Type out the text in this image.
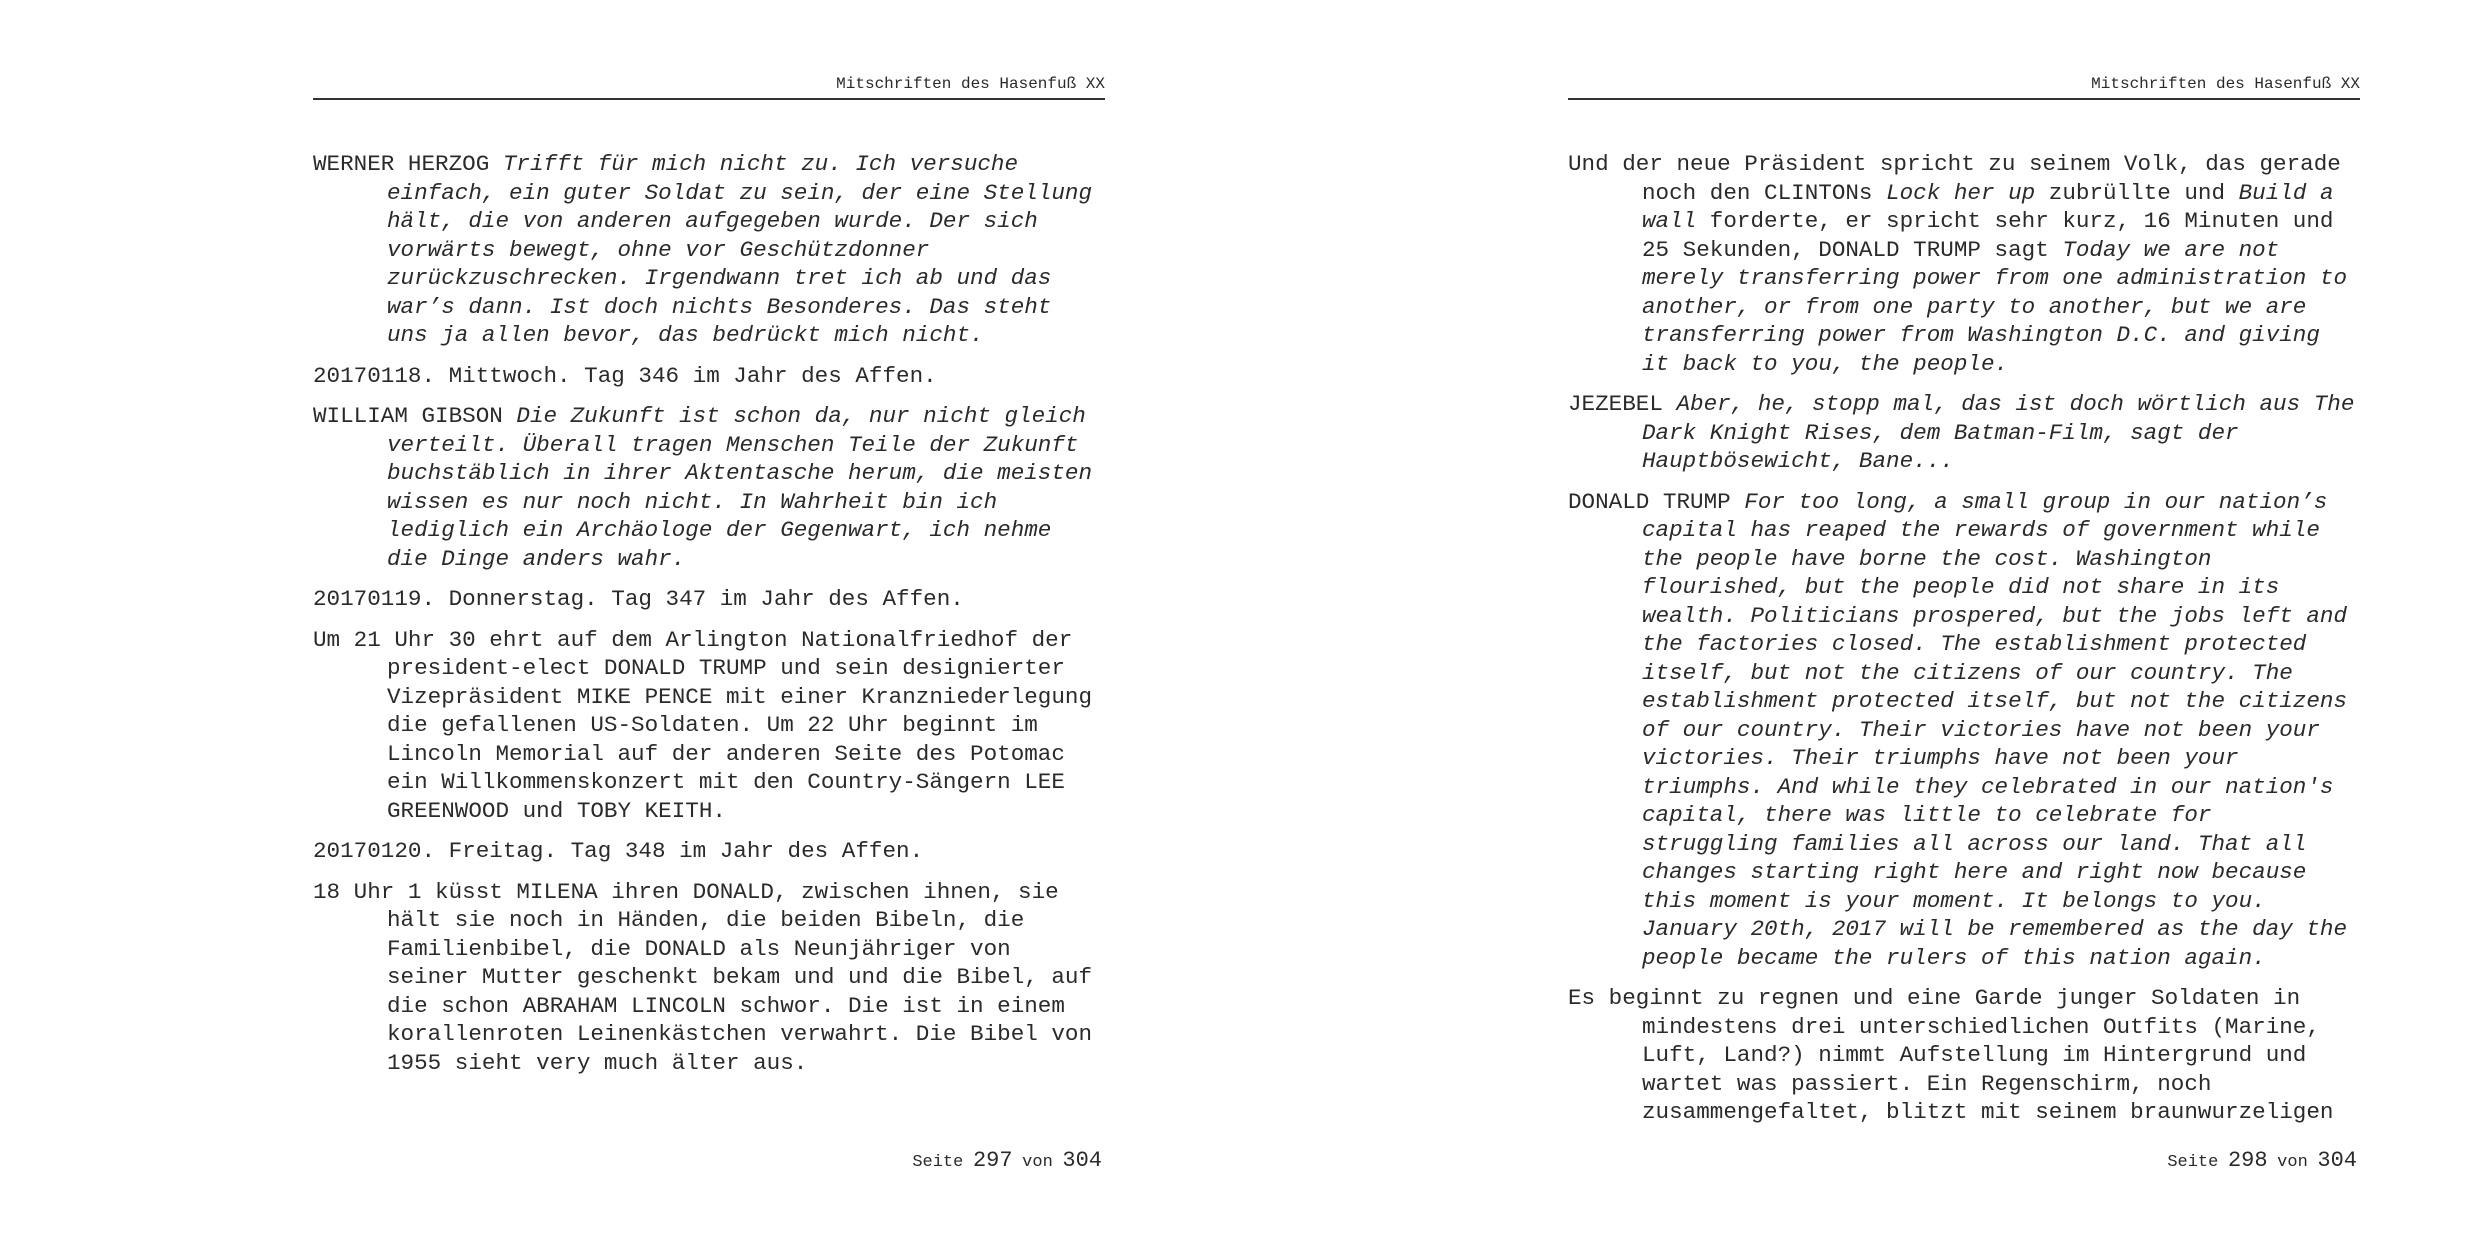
Mitschriften des Hasenfuß XX

WERNER HERZOG Trifft für mich nicht zu. Ich versuche einfach, ein guter Soldat zu sein, der eine Stellung hält, die von anderen aufgegeben wurde. Der sich vorwärts bewegt, ohne vor Geschützdonner zurückzuschrecken. Irgendwann tret ich ab und das war’s dann. Ist doch nichts Besonderes. Das steht uns ja allen bevor, das bedrückt mich nicht.

20170118. Mittwoch. Tag 346 im Jahr des Affen.

WILLIAM GIBSON Die Zukunft ist schon da, nur nicht gleich verteilt. Überall tragen Menschen Teile der Zukunft buchstäblich in ihrer Aktentasche herum, die meisten wissen es nur noch nicht. In Wahrheit bin ich lediglich ein Archäologe der Gegenwart, ich nehme die Dinge anders wahr.

20170119. Donnerstag. Tag 347 im Jahr des Affen.

Um 21 Uhr 30 ehrt auf dem Arlington Nationalfriedhof der president-elect DONALD TRUMP und sein designierter Vizepräsident MIKE PENCE mit einer Kranzniederlegung die gefallenen US-Soldaten. Um 22 Uhr beginnt im Lincoln Memorial auf der anderen Seite des Potomac ein Willkommenskonzert mit den Country-Sängern LEE GREENWOOD und TOBY KEITH.

20170120. Freitag. Tag 348 im Jahr des Affen.

18 Uhr 1 küsst MILENA ihren DONALD, zwischen ihnen, sie hält sie noch in Händen, die beiden Bibeln, die Familienbibel, die DONALD als Neunjähriger von seiner Mutter geschenkt bekam und und die Bibel, auf die schon ABRAHAM LINCOLN schwor. Die ist in einem korallenroten Leinenkästchen verwahrt. Die Bibel von 1955 sieht very much älter aus.

Seite 297 von 304
Mitschriften des Hasenfuß XX

Und der neue Präsident spricht zu seinem Volk, das gerade noch den CLINTONs Lock her up zubrüllte und Build a wall forderte, er spricht sehr kurz, 16 Minuten und 25 Sekunden, DONALD TRUMP sagt Today we are not merely transferring power from one administration to another, or from one party to another, but we are transferring power from Washington D.C. and giving it back to you, the people.

JEZEBEL Aber, he, stopp mal, das ist doch wörtlich aus The Dark Knight Rises, dem Batman-Film, sagt der Hauptbösewicht, Bane...

DONALD TRUMP For too long, a small group in our nation’s capital has reaped the rewards of government while the people have borne the cost. Washington flourished, but the people did not share in its wealth. Politicians prospered, but the jobs left and the factories closed. The establishment protected itself, but not the citizens of our country. The establishment protected itself, but not the citizens of our country. Their victories have not been your victories. Their triumphs have not been your triumphs. And while they celebrated in our nation's capital, there was little to celebrate for struggling families all across our land. That all changes starting right here and right now because this moment is your moment. It belongs to you. January 20th, 2017 will be remembered as the day the people became the rulers of this nation again.

Es beginnt zu regnen und eine Garde junger Soldaten in mindestens drei unterschiedlichen Outfits (Marine, Luft, Land?) nimmt Aufstellung im Hintergrund und wartet was passiert. Ein Regenschirm, noch zusammengefaltet, blitzt mit seinem braunwurzeligen

Seite 298 von 304
